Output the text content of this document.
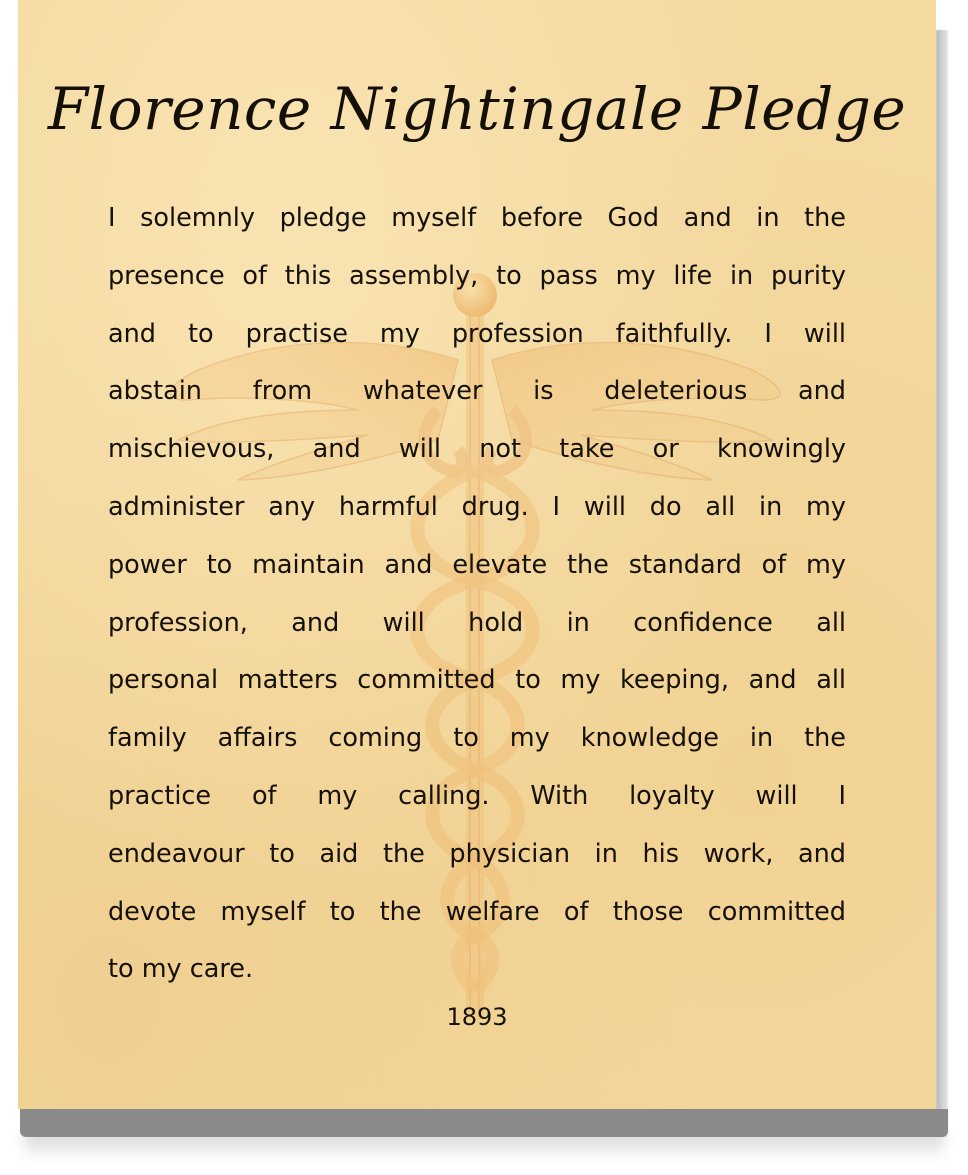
Florence Nightingale Pledge
I solemnly pledge myself before God and in the
presence of this assembly, to pass my life in purity
and to practise my profession faithfully. I will
abstain from whatever is deleterious and
mischievous, and will not take or knowingly
administer any harmful drug. I will do all in my
power to maintain and elevate the standard of my
profession, and will hold in confidence all
personal matters committed to my keeping, and all
family affairs coming to my knowledge in the
practice of my calling. With loyalty will I
endeavour to aid the physician in his work, and
devote myself to the welfare of those committed
to my care.
1893
